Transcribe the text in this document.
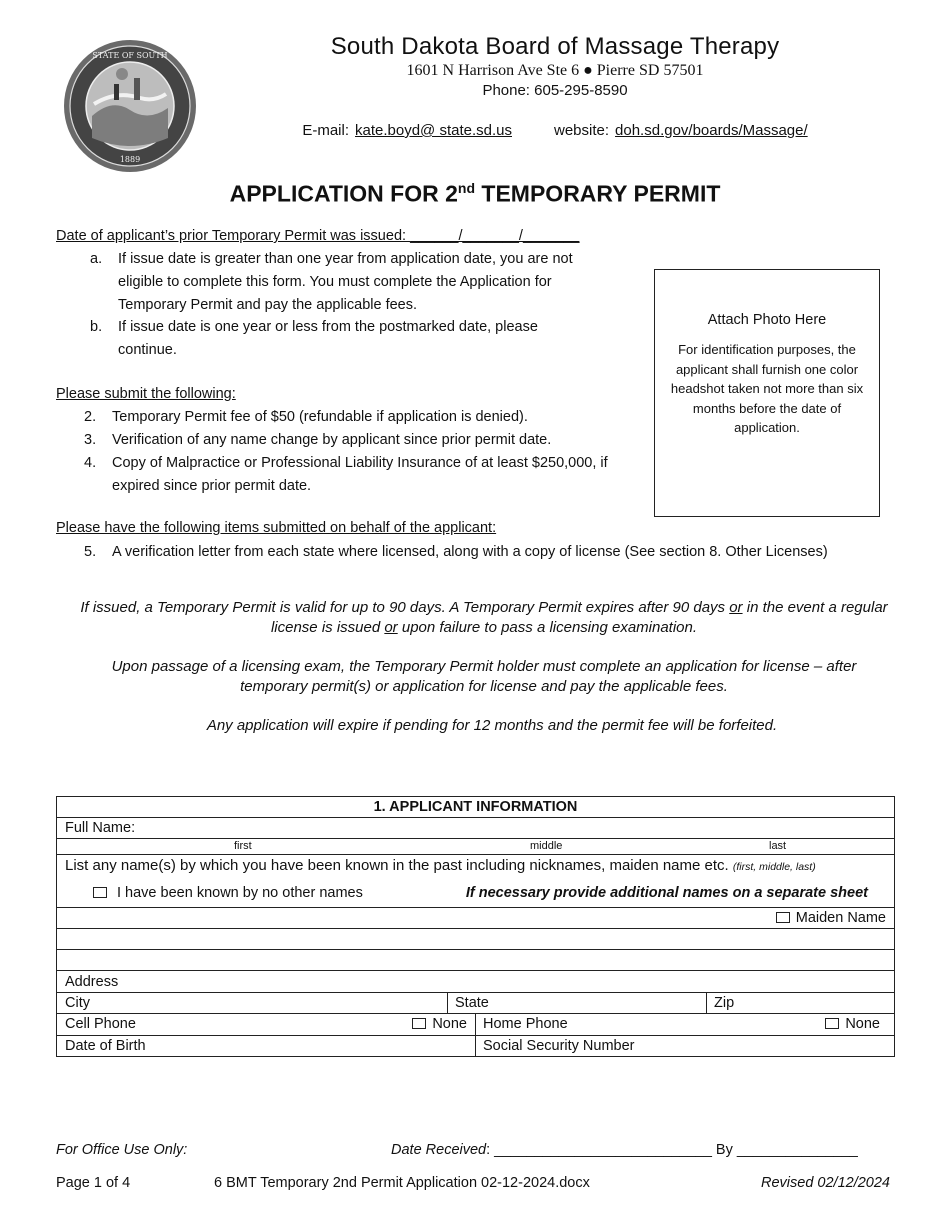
STATE OF SOUTH
1889
South Dakota Board of Massage Therapy
1601 N Harrison Ave Ste 6 ● Pierre SD 57501
Phone: 605-295-8590
E-mail: kate.boyd@ state.sd.us	website: doh.sd.gov/boards/Massage/
APPLICATION FOR 2nd TEMPORARY PERMIT
Date of applicant’s prior Temporary Permit was issued: ______/_______/_______
a. If issue date is greater than one year from application date, you are not eligible to complete this form. You must complete the Application for Temporary Permit and pay the applicable fees.
b. If issue date is one year or less from the postmarked date, please continue.
Please submit the following:
2. Temporary Permit fee of $50 (refundable if application is denied).
3. Verification of any name change by applicant since prior permit date.
4. Copy of Malpractice or Professional Liability Insurance of at least $250,000, if expired since prior permit date.
Please have the following items submitted on behalf of the applicant:
5. A verification letter from each state where licensed, along with a copy of license (See section 8. Other Licenses)
Attach Photo Here
For identification purposes, the applicant shall furnish one color headshot taken not more than six months before the date of application.
If issued, a Temporary Permit is valid for up to 90 days. A Temporary Permit expires after 90 days or in the event a regular license is issued or upon failure to pass a licensing examination.
Upon passage of a licensing exam, the Temporary Permit holder must complete an application for license – after temporary permit(s) or application for license and pay the applicable fees.
Any application will expire if pending for 12 months and the permit fee will be forfeited.
1. APPLICANT INFORMATION
Full Name:
first	middle	last
List any name(s) by which you have been known in the past including nicknames, maiden name etc. (first, middle, last)
I have been known by no other names	If necessary provide additional names on a separate sheet
Maiden Name
Address
City	State	Zip
Cell Phone	None	Home Phone	None
Date of Birth	Social Security Number
For Office Use Only:	Date Received: ___________________________ By _______________
Page 1 of 4	6 BMT Temporary 2nd Permit Application 02-12-2024.docx	Revised 02/12/2024
